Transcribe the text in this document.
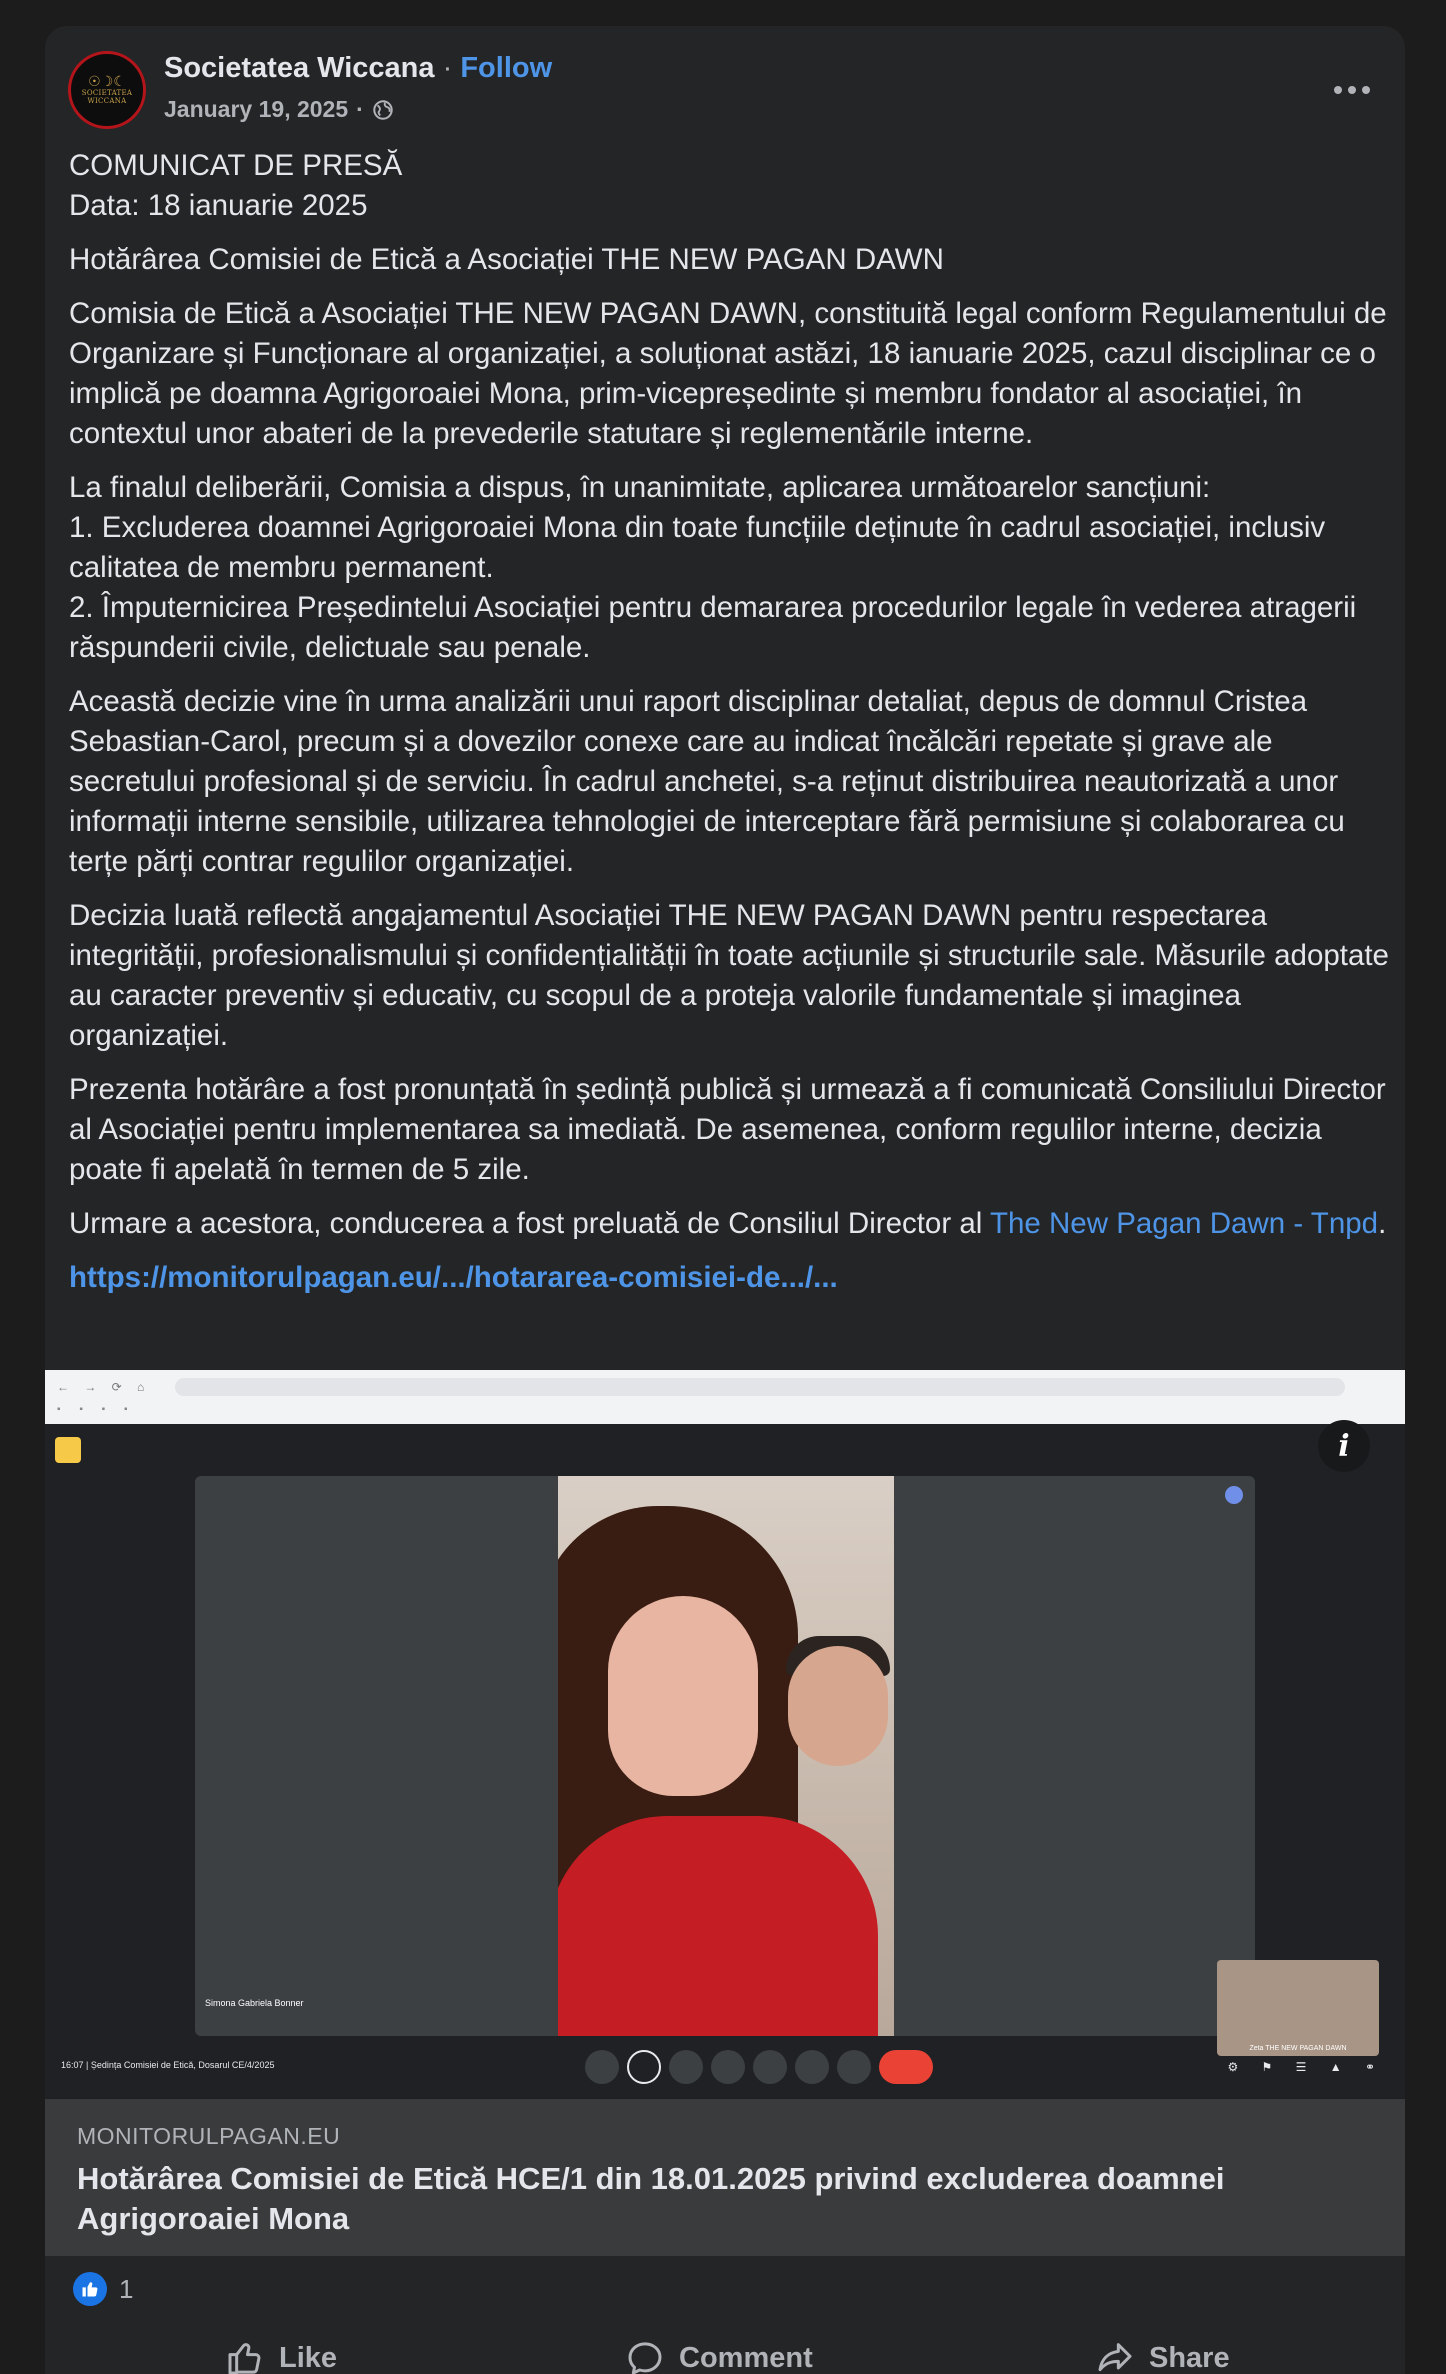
☉☽☾
SOCIETATEA WICCANA
Societatea Wiccana · Follow
January 19, 2025 ·

COMUNICAT DE PRESĂ
Data: 18 ianuarie 2025

Hotărârea Comisiei de Etică a Asociației THE NEW PAGAN DAWN

Comisia de Etică a Asociației THE NEW PAGAN DAWN, constituită legal conform Regulamentului de Organizare și Funcționare al organizației, a soluționat astăzi, 18 ianuarie 2025, cazul disciplinar ce o implică pe doamna Agrigoroaiei Mona, prim-vicepreședinte și membru fondator al asociației, în contextul unor abateri de la prevederile statutare și reglementările interne.

La finalul deliberării, Comisia a dispus, în unanimitate, aplicarea următoarelor sancțiuni:
1. Excluderea doamnei Agrigoroaiei Mona din toate funcțiile deținute în cadrul asociației, inclusiv calitatea de membru permanent.
2. Împuternicirea Președintelui Asociației pentru demararea procedurilor legale în vederea atragerii răspunderii civile, delictuale sau penale.

Această decizie vine în urma analizării unui raport disciplinar detaliat, depus de domnul Cristea Sebastian-Carol, precum și a dovezilor conexe care au indicat încălcări repetate și grave ale secretului profesional și de serviciu. În cadrul anchetei, s-a reținut distribuirea neautorizată a unor informații interne sensibile, utilizarea tehnologiei de interceptare fără permisiune și colaborarea cu terțe părți contrar regulilor organizației.

Decizia luată reflectă angajamentul Asociației THE NEW PAGAN DAWN pentru respectarea integrității, profesionalismului și confidențialității în toate acțiunile și structurile sale. Măsurile adoptate au caracter preventiv și educativ, cu scopul de a proteja valorile fundamentale și imaginea organizației.

Prezenta hotărâre a fost pronunțată în ședință publică și urmează a fi comunicată Consiliului Director al Asociației pentru implementarea sa imediată. De asemenea, conform regulilor interne, decizia poate fi apelată în termen de 5 zile.

Urmare a acestora, conducerea a fost preluată de Consiliul Director al The New Pagan Dawn - Tnpd.

https://monitorulpagan.eu/.../hotararea-comisiei-de.../...

← → ⟳ ⌂
▪ ▪ ▪ ▪
Simona Gabriela Bonner
Zeta THE NEW PAGAN DAWN
16:07 | Ședința Comisiei de Etică, Dosarul CE/4/2025	⚙ ⚑ ☰ ▲ ⚭
i
MONITORULPAGAN.EU
Hotărârea Comisiei de Etică HCE/1 din 18.01.2025 privind excluderea doamnei Agrigoroaiei Mona
1
Like	Comment	Share
